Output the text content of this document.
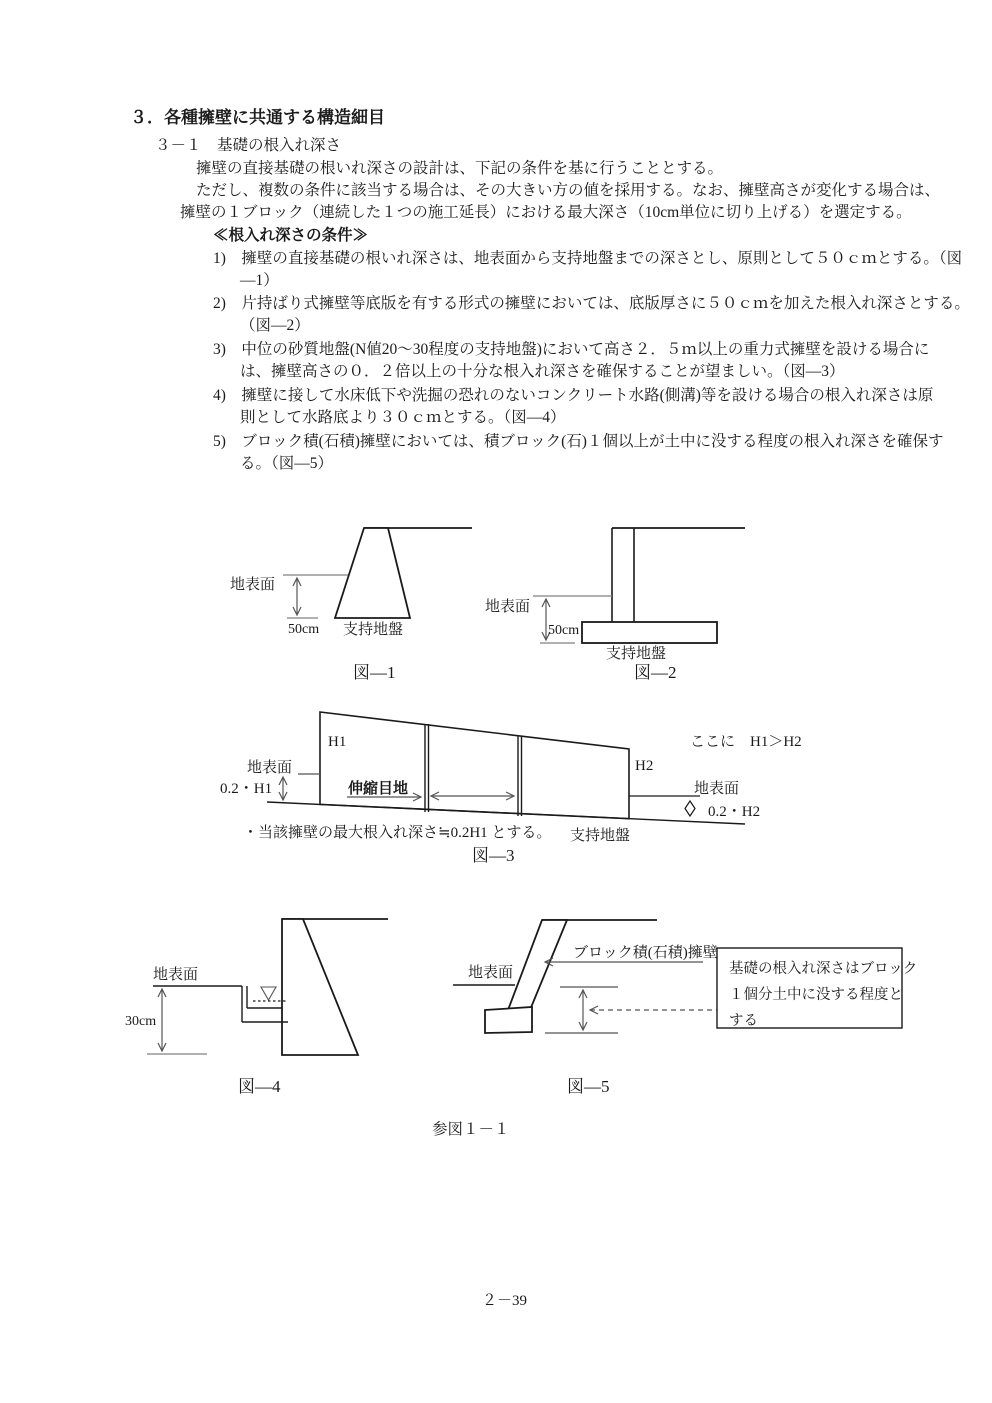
３．各種擁壁に共通する構造細目
３－１　基礎の根入れ深さ
擁壁の直接基礎の根いれ深さの設計は、下記の条件を基に行うこととする。
ただし、複数の条件に該当する場合は、その大きい方の値を採用する。なお、擁壁高さが変化する場合は、
擁壁の１ブロック（連続した１つの施工延長）における最大深さ（10cm単位に切り上げる）を選定する。
≪根入れ深さの条件≫
1)　擁壁の直接基礎の根いれ深さは、地表面から支持地盤までの深さとし、原則として５０ｃｍとする。（図
―1）
2)　片持ばり式擁壁等底版を有する形式の擁壁においては、底版厚さに５０ｃｍを加えた根入れ深さとする。
（図―2）
3)　中位の砂質地盤(N値20～30程度の支持地盤)において高さ２．５ｍ以上の重力式擁壁を設ける場合に
は、擁壁高さの０．２倍以上の十分な根入れ深さを確保することが望ましい。（図―3）
4)　擁壁に接して水床低下や洗掘の恐れのないコンクリート水路(側溝)等を設ける場合の根入れ深さは原
則として水路底より３０ｃｍとする。（図―4）
5)　ブロック積(石積)擁壁においては、積ブロック(石)１個以上が土中に没する程度の根入れ深さを確保す
る。（図―5）
参図１－１
２－39
地表面
50cm 支持地盤
図―1
地表面
50cm
支持地盤
図―2
H1
H2
ここに　H1＞H2
地表面
0.2・H1	伸縮目地	地表面
0.2・H2
支持地盤
・当該擁壁の最大根入れ深さ≒0.2H1 とする。
図―3
地表面
30cm
図―4
基礎の根入れ深さはブロック
１個分土中に没する程度と
する
地表面
ブロック積(石積)擁壁
図―5
